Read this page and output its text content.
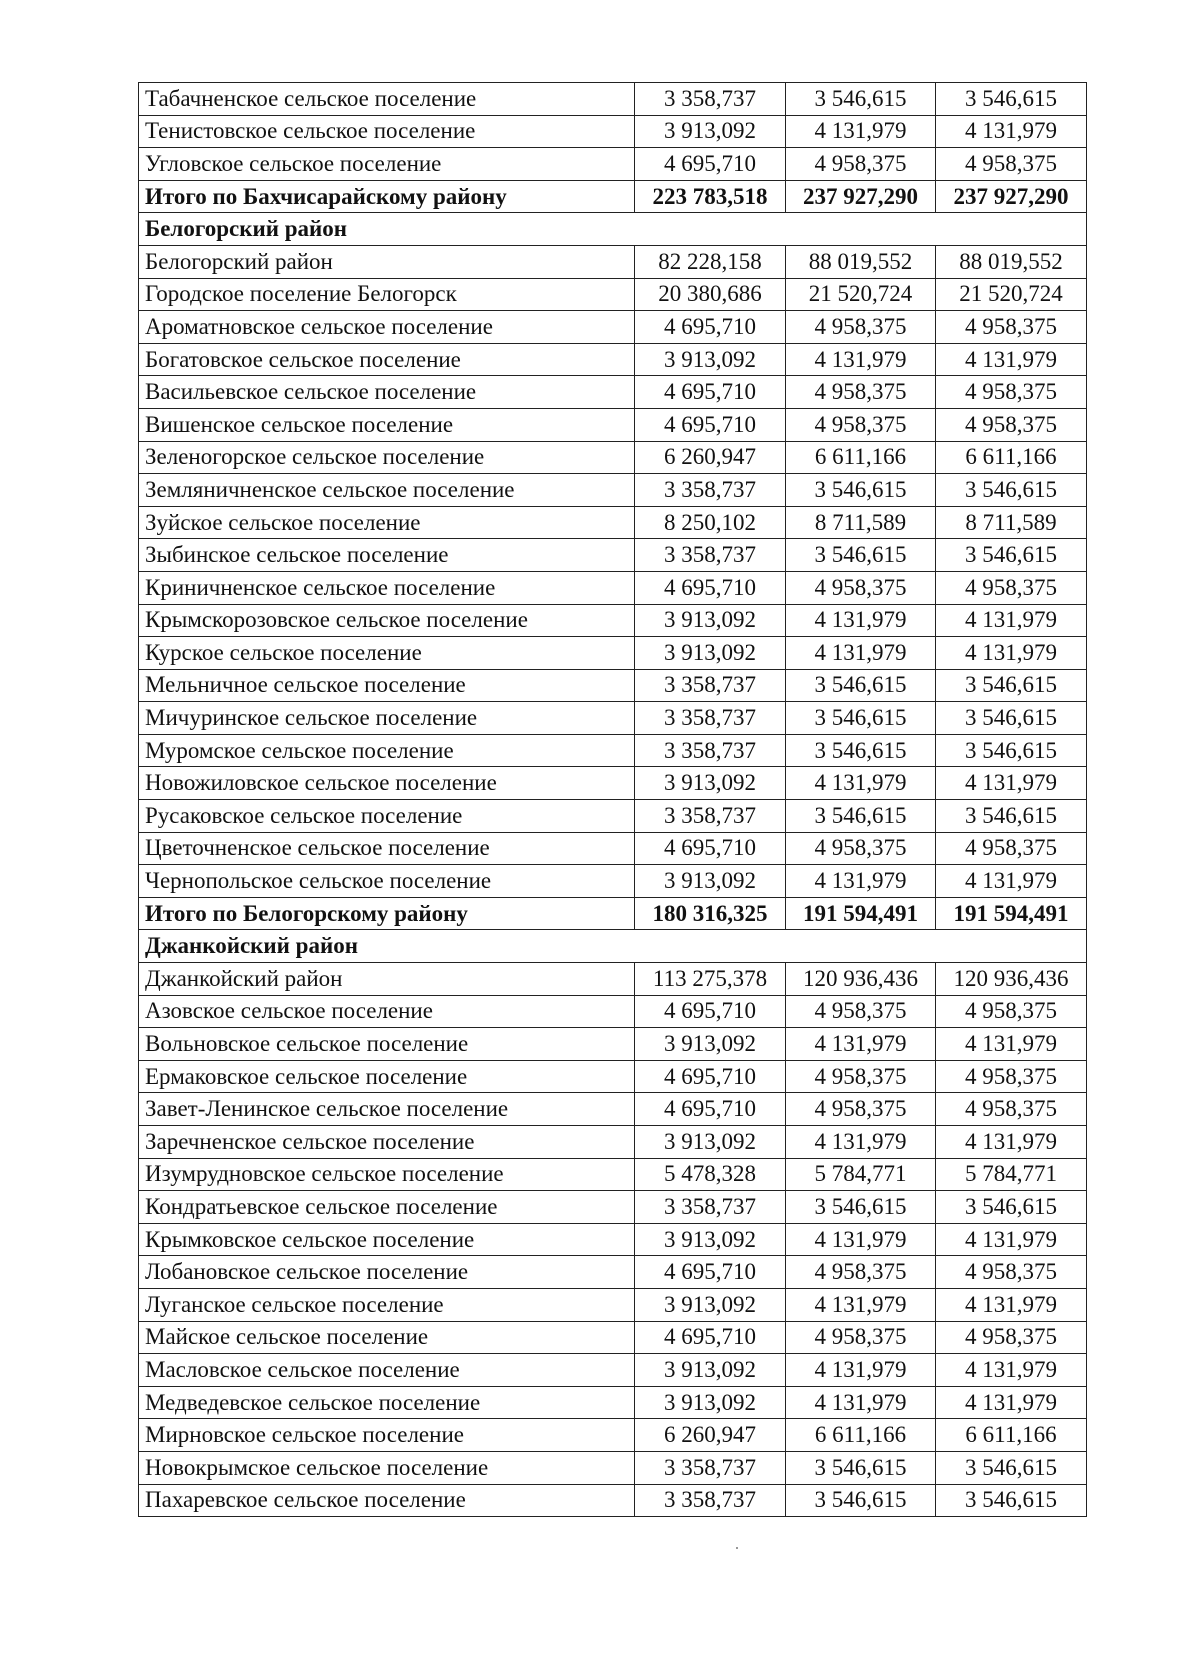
Табачненское сельское поселение	3 358,737	3 546,615	3 546,615
Тенистовское сельское поселение	3 913,092	4 131,979	4 131,979
Угловское сельское поселение	4 695,710	4 958,375	4 958,375
Итого по Бахчисарайскому району	223 783,518	237 927,290	237 927,290
Белогорский район			
Белогорский район	82 228,158	88 019,552	88 019,552
Городское поселение Белогорск	20 380,686	21 520,724	21 520,724
Ароматновское сельское поселение	4 695,710	4 958,375	4 958,375
Богатовское сельское поселение	3 913,092	4 131,979	4 131,979
Васильевское сельское поселение	4 695,710	4 958,375	4 958,375
Вишенское сельское поселение	4 695,710	4 958,375	4 958,375
Зеленогорское сельское поселение	6 260,947	6 611,166	6 611,166
Земляничненское сельское поселение	3 358,737	3 546,615	3 546,615
Зуйское сельское поселение	8 250,102	8 711,589	8 711,589
Зыбинское сельское поселение	3 358,737	3 546,615	3 546,615
Криничненское сельское поселение	4 695,710	4 958,375	4 958,375
Крымскорозовское сельское поселение	3 913,092	4 131,979	4 131,979
Курское сельское поселение	3 913,092	4 131,979	4 131,979
Мельничное сельское поселение	3 358,737	3 546,615	3 546,615
Мичуринское сельское поселение	3 358,737	3 546,615	3 546,615
Муромское сельское поселение	3 358,737	3 546,615	3 546,615
Новожиловское сельское поселение	3 913,092	4 131,979	4 131,979
Русаковское сельское поселение	3 358,737	3 546,615	3 546,615
Цветочненское сельское поселение	4 695,710	4 958,375	4 958,375
Чернопольское сельское поселение	3 913,092	4 131,979	4 131,979
Итого по Белогорскому району	180 316,325	191 594,491	191 594,491
Джанкойский район			
Джанкойский район	113 275,378	120 936,436	120 936,436
Азовское сельское поселение	4 695,710	4 958,375	4 958,375
Вольновское сельское поселение	3 913,092	4 131,979	4 131,979
Ермаковское сельское поселение	4 695,710	4 958,375	4 958,375
Завет-Ленинское сельское поселение	4 695,710	4 958,375	4 958,375
Заречненское сельское поселение	3 913,092	4 131,979	4 131,979
Изумрудновское сельское поселение	5 478,328	5 784,771	5 784,771
Кондратьевское сельское поселение	3 358,737	3 546,615	3 546,615
Крымковское сельское поселение	3 913,092	4 131,979	4 131,979
Лобановское сельское поселение	4 695,710	4 958,375	4 958,375
Луганское сельское поселение	3 913,092	4 131,979	4 131,979
Майское сельское поселение	4 695,710	4 958,375	4 958,375
Масловское сельское поселение	3 913,092	4 131,979	4 131,979
Медведевское сельское поселение	3 913,092	4 131,979	4 131,979
Мирновское сельское поселение	6 260,947	6 611,166	6 611,166
Новокрымское сельское поселение	3 358,737	3 546,615	3 546,615
Пахаревское сельское поселение	3 358,737	3 546,615	3 546,615
